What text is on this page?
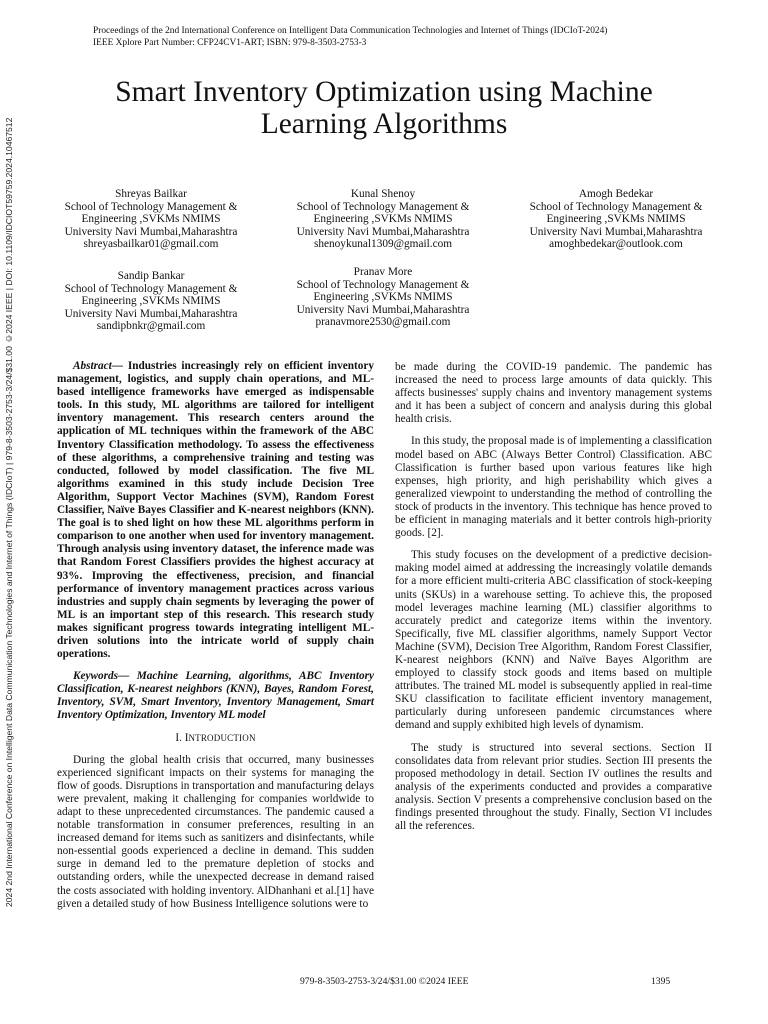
Proceedings of the 2nd International Conference on Intelligent Data Communication Technologies and Internet of Things (IDCIoT-2024)
IEEE Xplore Part Number: CFP24CV1-ART; ISBN: 979-8-3503-2753-3
2024 2nd International Conference on Intelligent Data Communication Technologies and Internet of Things (IDCIoT) | 979-8-3503-2753-3/24/$31.00 ©2024 IEEE | DOI: 10.1109/IDCIOT59759.2024.10467512
Smart Inventory Optimization using Machine Learning Algorithms
Shreyas Bailkar
School of Technology Management &
Engineering ,SVKMs NMIMS
University Navi Mumbai,Maharashtra
shreyasbailkar01@gmail.com
Kunal Shenoy
School of Technology Management &
Engineering ,SVKMs NMIMS
University Navi Mumbai,Maharashtra
shenoykunal1309@gmail.com
Amogh Bedekar
School of Technology Management &
Engineering ,SVKMs NMIMS
University Navi Mumbai,Maharashtra
amoghbedekar@outlook.com
Sandip Bankar
School of Technology Management &
Engineering ,SVKMs NMIMS
University Navi Mumbai,Maharashtra
sandipbnkr@gmail.com
Pranav More
School of Technology Management &
Engineering ,SVKMs NMIMS
University Navi Mumbai,Maharashtra
pranavmore2530@gmail.com

Abstract— Industries increasingly rely on efficient inventory management, logistics, and supply chain operations, and ML-based intelligence frameworks have emerged as indispensable tools. In this study, ML algorithms are tailored for intelligent inventory management. This research centers around the application of ML techniques within the framework of the ABC Inventory Classification methodology. To assess the effectiveness of these algorithms, a comprehensive training and testing was conducted, followed by model classification. The five ML algorithms examined in this study include Decision Tree Algorithm, Support Vector Machines (SVM), Random Forest Classifier, Naïve Bayes Classifier and K-nearest neighbors (KNN). The goal is to shed light on how these ML algorithms perform in comparison to one another when used for inventory management. Through analysis using inventory dataset, the inference made was that Random Forest Classifiers provides the highest accuracy at 93%. Improving the effectiveness, precision, and financial performance of inventory management practices across various industries and supply chain segments by leveraging the power of ML is an important step of this research. This research study makes significant progress towards integrating intelligent ML-driven solutions into the intricate world of supply chain operations.

Keywords— Machine Learning, algorithms, ABC Inventory Classification, K-nearest neighbors (KNN), Bayes, Random Forest, Inventory, SVM, Smart Inventory, Inventory Management, Smart Inventory Optimization, Inventory ML model

I. INTRODUCTION

During the global health crisis that occurred, many businesses experienced significant impacts on their systems for managing the flow of goods. Disruptions in transportation and manufacturing delays were prevalent, making it challenging for companies worldwide to adapt to these unprecedented circumstances. The pandemic caused a notable transformation in consumer preferences, resulting in an increased demand for items such as sanitizers and disinfectants, while non-essential goods experienced a decline in demand. This sudden surge in demand led to the premature depletion of stocks and outstanding orders, while the unexpected decrease in demand raised the costs associated with holding inventory. AlDhanhani et al.[1] have given a detailed study of how Business Intelligence solutions were to

be made during the COVID-19 pandemic. The pandemic has increased the need to process large amounts of data quickly. This affects businesses' supply chains and inventory management systems and it has been a subject of concern and analysis during this global health crisis.

In this study, the proposal made is of implementing a classification model based on ABC (Always Better Control) Classification. ABC Classification is further based upon various features like high expenses, high priority, and high perishability which gives a generalized viewpoint to understanding the method of controlling the stock of products in the inventory. This technique has hence proved to be efficient in managing materials and it better controls high-priority goods. [2].

This study focuses on the development of a predictive decision-making model aimed at addressing the increasingly volatile demands for a more efficient multi-criteria ABC classification of stock-keeping units (SKUs) in a warehouse setting. To achieve this, the proposed model leverages machine learning (ML) classifier algorithms to accurately predict and categorize items within the inventory. Specifically, five ML classifier algorithms, namely Support Vector Machine (SVM), Decision Tree Algorithm, Random Forest Classifier, K-nearest neighbors (KNN) and Naïve Bayes Algorithm are employed to classify stock goods and items based on multiple attributes. The trained ML model is subsequently applied in real-time SKU classification to facilitate efficient inventory management, particularly during unforeseen pandemic circumstances where demand and supply exhibited high levels of dynamism.

The study is structured into several sections. Section II consolidates data from relevant prior studies. Section III presents the proposed methodology in detail. Section IV outlines the results and analysis of the experiments conducted and provides a comparative analysis. Section V presents a comprehensive conclusion based on the findings presented throughout the study. Finally, Section VI includes all the references.

979-8-3503-2753-3/24/$31.00 ©2024 IEEE	1395
